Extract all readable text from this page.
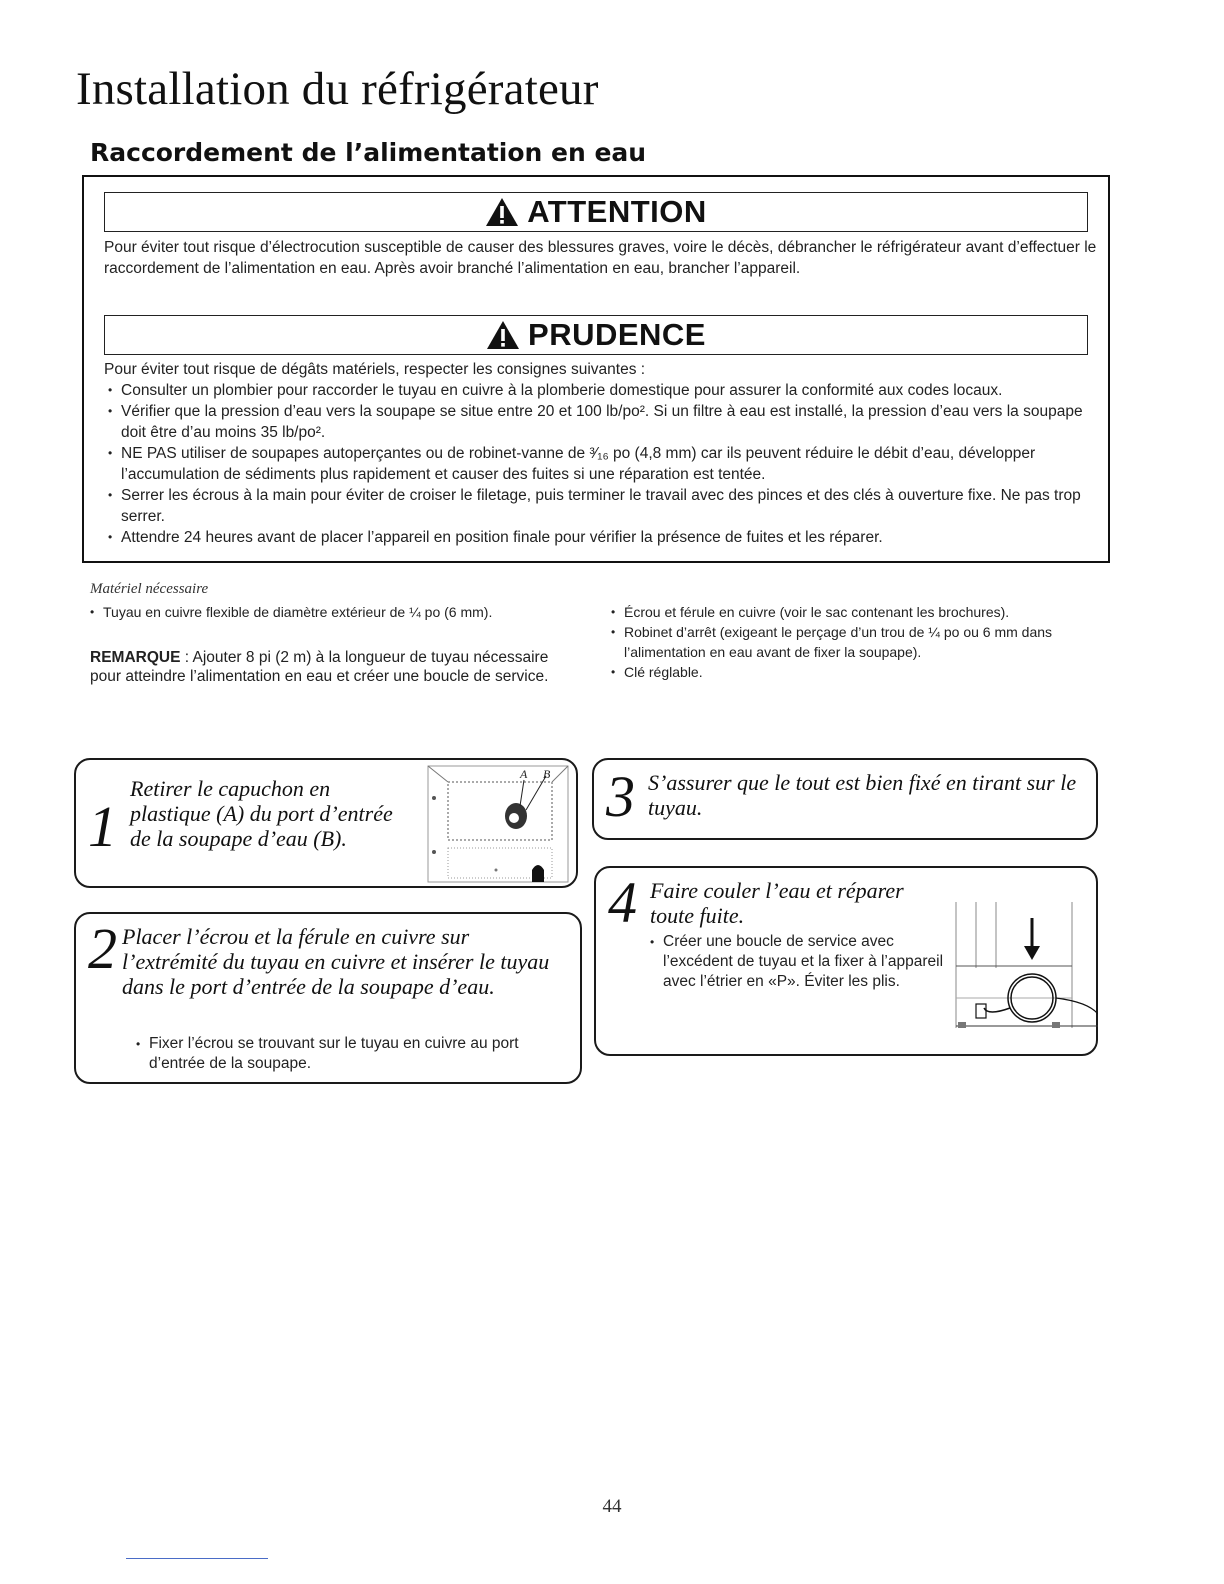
Installation du réfrigérateur
Raccordement de l’alimentation en eau
ATTENTION
Pour éviter tout risque d’électrocution susceptible de causer des blessures graves, voire le décès, débrancher le réfrigérateur avant d’effectuer le raccordement de l’alimentation en eau. Après avoir branché l’alimentation en eau, brancher l’appareil.
PRUDENCE
Pour éviter tout risque de dégâts matériels, respecter les consignes suivantes :
• Consulter un plombier pour raccorder le tuyau en cuivre à la plomberie domestique pour assurer la conformité aux codes locaux.
• Vérifier que la pression d’eau vers la soupape se situe entre 20 et 100 lb/po². Si un filtre à eau est installé, la pression d’eau vers la soupape doit être d’au moins 35 lb/po².
• NE PAS utiliser de soupapes autoperçantes ou de robinet-vanne de ³⁄₁₆ po (4,8 mm) car ils peuvent réduire le débit d’eau, développer l’accumulation de sédiments plus rapidement et causer des fuites si une réparation est tentée.
• Serrer les écrous à la main pour éviter de croiser le filetage, puis terminer le travail avec des pinces et des clés à ouverture fixe. Ne pas trop serrer.
• Attendre 24 heures avant de placer l’appareil en position finale pour vérifier la présence de fuites et les réparer.
Matériel nécessaire
• Tuyau en cuivre flexible de diamètre extérieur de ¼ po (6 mm).
REMARQUE : Ajouter 8 pi (2 m) à la longueur de tuyau nécessaire pour atteindre l’alimentation en eau et créer une boucle de service.
• Écrou et férule en cuivre (voir le sac contenant les brochures).
• Robinet d’arrêt (exigeant le perçage d’un trou de ¼ po ou 6 mm dans l’alimentation en eau avant de fixer la soupape).
• Clé réglable.
1
Retirer le capuchon en plastique (A) du port d’entrée de la soupape d’eau (B).
A B
2 Placer l’écrou et la férule en cuivre sur l’extrémité du tuyau en cuivre et insérer le tuyau dans le port d’entrée de la soupape d’eau.
• Fixer l’écrou se trouvant sur le tuyau en cuivre au port d’entrée de la soupape.
3 S’assurer que le tout est bien fixé en tirant sur le tuyau.
4 Faire couler l’eau et réparer toute fuite.
• Créer une boucle de service avec l’excédent de tuyau et la fixer à l’appareil avec l’étrier en «P». Éviter les plis.
44
